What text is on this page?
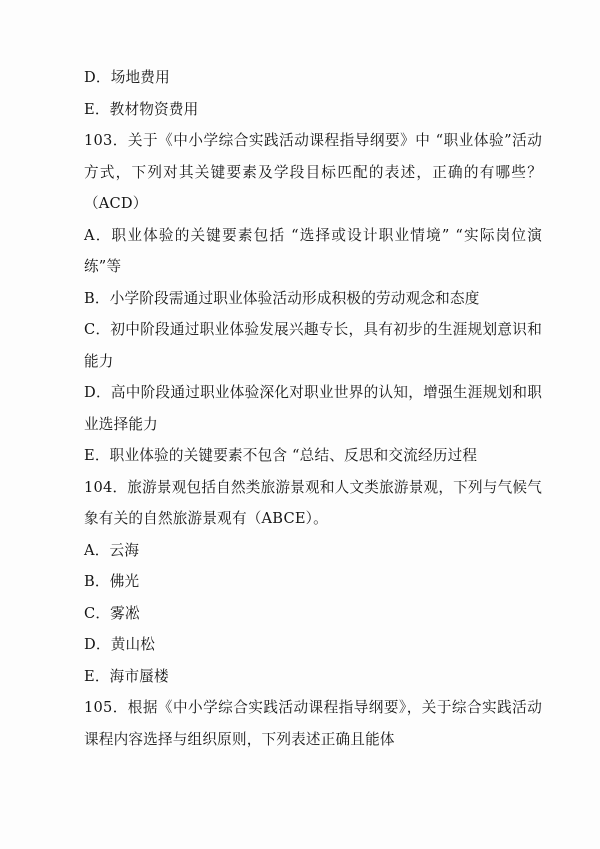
D．场地费用

E．教材物资费用

103．关于《中小学综合实践活动课程指导纲要》中 “职业体验”活动方式，下列对其关键要素及学段目标匹配的表述，正确的有哪些？（ACD）

A．职业体验的关键要素包括 “选择或设计职业情境” “实际岗位演练”等

B．小学阶段需通过职业体验活动形成积极的劳动观念和态度

C．初中阶段通过职业体验发展兴趣专长，具有初步的生涯规划意识和能力

D．高中阶段通过职业体验深化对职业世界的认知，增强生涯规划和职业选择能力

E．职业体验的关键要素不包含 “总结、反思和交流经历过程

104．旅游景观包括自然类旅游景观和人文类旅游景观，下列与气候气象有关的自然旅游景观有（ABCE）。

A．云海

B．佛光

C．雾凇

D．黄山松

E．海市蜃楼

105．根据《中小学综合实践活动课程指导纲要》，关于综合实践活动课程内容选择与组织原则，下列表述正确且能体
